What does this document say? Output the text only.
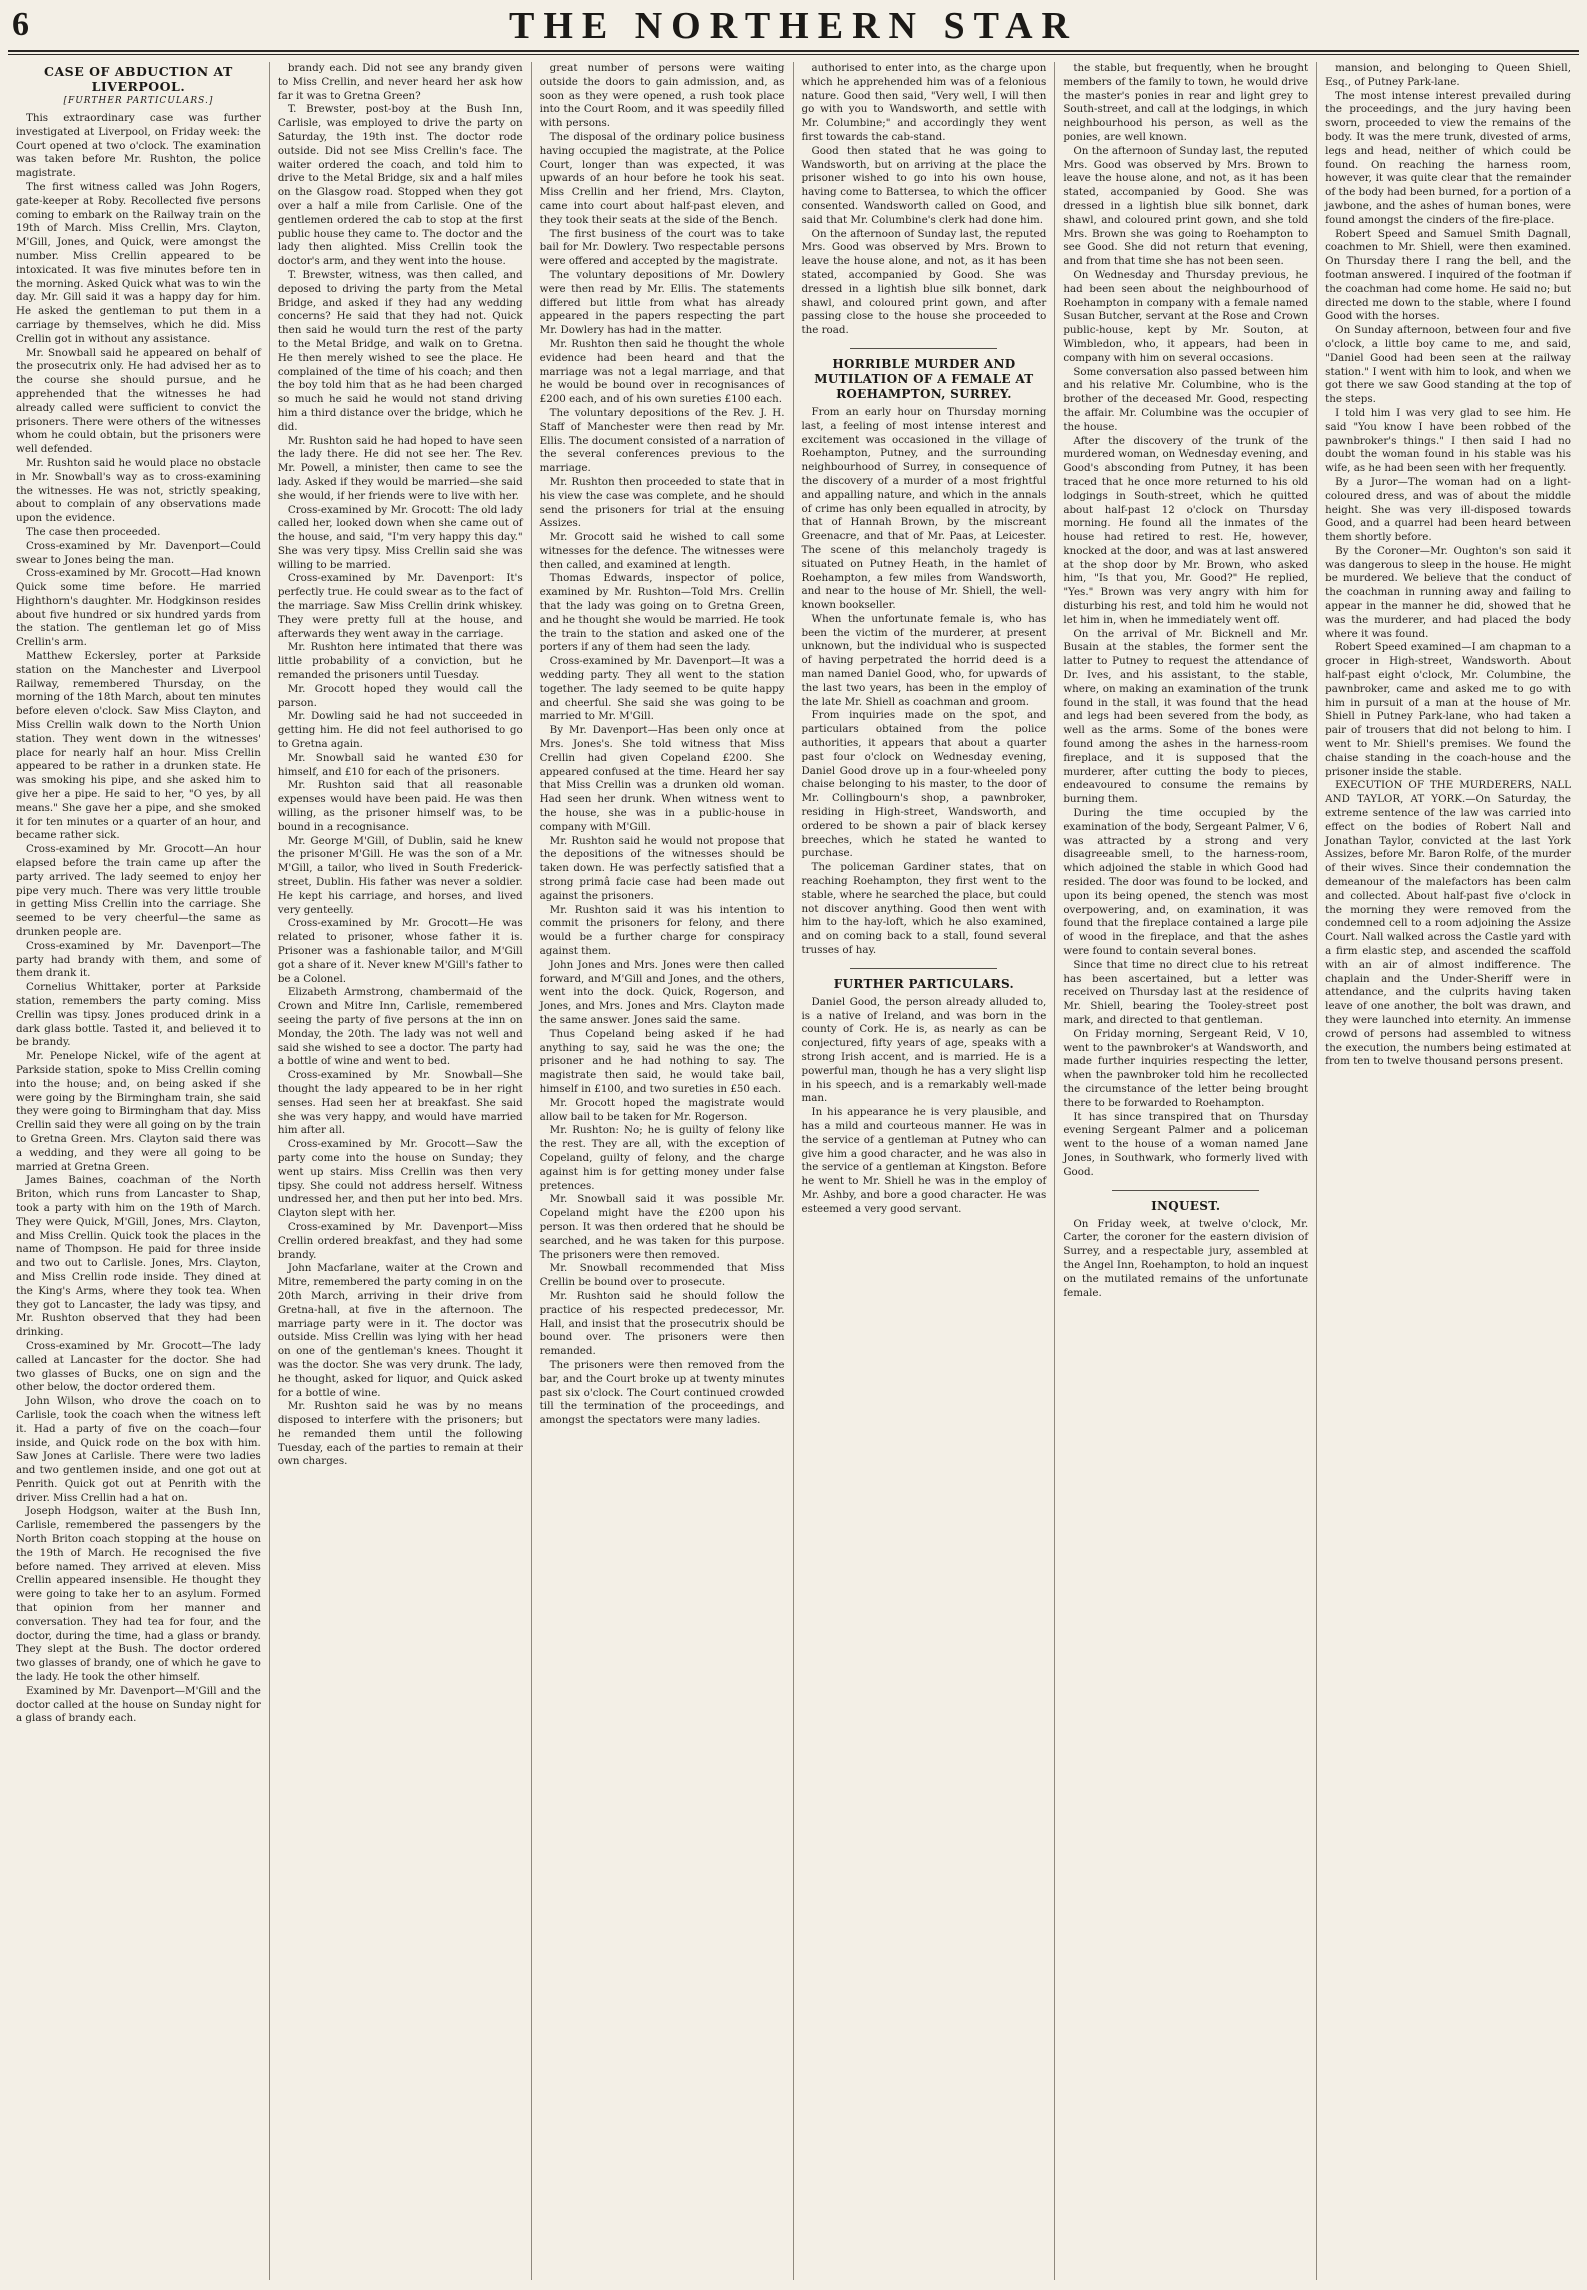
6	THE NORTHERN STAR
CASE OF ABDUCTION AT LIVERPOOL.
[FURTHER PARTICULARS.]

This extraordinary case was further investigated at Liverpool, on Friday week: the Court opened at two o'clock. The examination was taken before Mr. Rushton, the police magistrate.

The first witness called was John Rogers, gate-keeper at Roby. Recollected five persons coming to embark on the Railway train on the 19th of March. Miss Crellin, Mrs. Clayton, M'Gill, Jones, and Quick, were amongst the number. Miss Crellin appeared to be intoxicated. It was five minutes before ten in the morning. Asked Quick what was to win the day. Mr. Gill said it was a happy day for him. He asked the gentleman to put them in a carriage by themselves, which he did. Miss Crellin got in without any assistance.

Mr. Snowball said he appeared on behalf of the prosecutrix only. He had advised her as to the course she should pursue, and he apprehended that the witnesses he had already called were sufficient to convict the prisoners. There were others of the witnesses whom he could obtain, but the prisoners were well defended.

Mr. Rushton said he would place no obstacle in Mr. Snowball's way as to cross-examining the witnesses. He was not, strictly speaking, about to complain of any observations made upon the evidence.

The case then proceeded.

Cross-examined by Mr. Davenport—Could swear to Jones being the man.

Cross-examined by Mr. Grocott—Had known Quick some time before. He married Highthorn's daughter. Mr. Hodgkinson resides about five hundred or six hundred yards from the station. The gentleman let go of Miss Crellin's arm.

Matthew Eckersley, porter at Parkside station on the Manchester and Liverpool Railway, remembered Thursday, on the morning of the 18th March, about ten minutes before eleven o'clock. Saw Miss Clayton, and Miss Crellin walk down to the North Union station. They went down in the witnesses' place for nearly half an hour. Miss Crellin appeared to be rather in a drunken state. He was smoking his pipe, and she asked him to give her a pipe. He said to her, "O yes, by all means." She gave her a pipe, and she smoked it for ten minutes or a quarter of an hour, and became rather sick.

Cross-examined by Mr. Grocott—An hour elapsed before the train came up after the party arrived. The lady seemed to enjoy her pipe very much. There was very little trouble in getting Miss Crellin into the carriage. She seemed to be very cheerful—the same as drunken people are.

Cross-examined by Mr. Davenport—The party had brandy with them, and some of them drank it.

Cornelius Whittaker, porter at Parkside station, remembers the party coming. Miss Crellin was tipsy. Jones produced drink in a dark glass bottle. Tasted it, and believed it to be brandy.

Mr. Penelope Nickel, wife of the agent at Parkside station, spoke to Miss Crellin coming into the house; and, on being asked if she were going by the Birmingham train, she said they were going to Birmingham that day. Miss Crellin said they were all going on by the train to Gretna Green. Mrs. Clayton said there was a wedding, and they were all going to be married at Gretna Green.

James Baines, coachman of the North Briton, which runs from Lancaster to Shap, took a party with him on the 19th of March. They were Quick, M'Gill, Jones, Mrs. Clayton, and Miss Crellin. Quick took the places in the name of Thompson. He paid for three inside and two out to Carlisle. Jones, Mrs. Clayton, and Miss Crellin rode inside. They dined at the King's Arms, where they took tea. When they got to Lancaster, the lady was tipsy, and Mr. Rushton observed that they had been drinking.

Cross-examined by Mr. Grocott—The lady called at Lancaster for the doctor. She had two glasses of Bucks, one on sign and the other below, the doctor ordered them.

John Wilson, who drove the coach on to Carlisle, took the coach when the witness left it. Had a party of five on the coach—four inside, and Quick rode on the box with him. Saw Jones at Carlisle. There were two ladies and two gentlemen inside, and one got out at Penrith. Quick got out at Penrith with the driver. Miss Crellin had a hat on.

Joseph Hodgson, waiter at the Bush Inn, Carlisle, remembered the passengers by the North Briton coach stopping at the house on the 19th of March. He recognised the five before named. They arrived at eleven. Miss Crellin appeared insensible. He thought they were going to take her to an asylum. Formed that opinion from her manner and conversation. They had tea for four, and the doctor, during the time, had a glass or brandy. They slept at the Bush. The doctor ordered two glasses of brandy, one of which he gave to the lady. He took the other himself.

Examined by Mr. Davenport—M'Gill and the doctor called at the house on Sunday night for a glass of brandy each.

brandy each. Did not see any brandy given to Miss Crellin, and never heard her ask how far it was to Gretna Green?

T. Brewster, post-boy at the Bush Inn, Carlisle, was employed to drive the party on Saturday, the 19th inst. The doctor rode outside. Did not see Miss Crellin's face. The waiter ordered the coach, and told him to drive to the Metal Bridge, six and a half miles on the Glasgow road. Stopped when they got over a half a mile from Carlisle. One of the gentlemen ordered the cab to stop at the first public house they came to. The doctor and the lady then alighted. Miss Crellin took the doctor's arm, and they went into the house.

T. Brewster, witness, was then called, and deposed to driving the party from the Metal Bridge, and asked if they had any wedding concerns? He said that they had not. Quick then said he would turn the rest of the party to the Metal Bridge, and walk on to Gretna. He then merely wished to see the place. He complained of the time of his coach; and then the boy told him that as he had been charged so much he said he would not stand driving him a third distance over the bridge, which he did.

Mr. Rushton said he had hoped to have seen the lady there. He did not see her. The Rev. Mr. Powell, a minister, then came to see the lady. Asked if they would be married—she said she would, if her friends were to live with her.

Cross-examined by Mr. Grocott: The old lady called her, looked down when she came out of the house, and said, "I'm very happy this day." She was very tipsy. Miss Crellin said she was willing to be married.

Cross-examined by Mr. Davenport: It's perfectly true. He could swear as to the fact of the marriage. Saw Miss Crellin drink whiskey. They were pretty full at the house, and afterwards they went away in the carriage.

Mr. Rushton here intimated that there was little probability of a conviction, but he remanded the prisoners until Tuesday.

Mr. Grocott hoped they would call the parson.

Mr. Dowling said he had not succeeded in getting him. He did not feel authorised to go to Gretna again.

Mr. Snowball said he wanted £30 for himself, and £10 for each of the prisoners.

Mr. Rushton said that all reasonable expenses would have been paid. He was then willing, as the prisoner himself was, to be bound in a recognisance.

Mr. George M'Gill, of Dublin, said he knew the prisoner M'Gill. He was the son of a Mr. M'Gill, a tailor, who lived in South Frederick-street, Dublin. His father was never a soldier. He kept his carriage, and horses, and lived very genteelly.

Cross-examined by Mr. Grocott—He was related to prisoner, whose father it is. Prisoner was a fashionable tailor, and M'Gill got a share of it. Never knew M'Gill's father to be a Colonel.

Elizabeth Armstrong, chambermaid of the Crown and Mitre Inn, Carlisle, remembered seeing the party of five persons at the inn on Monday, the 20th. The lady was not well and said she wished to see a doctor. The party had a bottle of wine and went to bed.

Cross-examined by Mr. Snowball—She thought the lady appeared to be in her right senses. Had seen her at breakfast. She said she was very happy, and would have married him after all.

Cross-examined by Mr. Grocott—Saw the party come into the house on Sunday; they went up stairs. Miss Crellin was then very tipsy. She could not address herself. Witness undressed her, and then put her into bed. Mrs. Clayton slept with her.

Cross-examined by Mr. Davenport—Miss Crellin ordered breakfast, and they had some brandy.

John Macfarlane, waiter at the Crown and Mitre, remembered the party coming in on the 20th March, arriving in their drive from Gretna-hall, at five in the afternoon. The marriage party were in it. The doctor was outside. Miss Crellin was lying with her head on one of the gentleman's knees. Thought it was the doctor. She was very drunk. The lady, he thought, asked for liquor, and Quick asked for a bottle of wine.

Mr. Rushton said he was by no means disposed to interfere with the prisoners; but he remanded them until the following Tuesday, each of the parties to remain at their own charges.

great number of persons were waiting outside the doors to gain admission, and, as soon as they were opened, a rush took place into the Court Room, and it was speedily filled with persons.

The disposal of the ordinary police business having occupied the magistrate, at the Police Court, longer than was expected, it was upwards of an hour before he took his seat. Miss Crellin and her friend, Mrs. Clayton, came into court about half-past eleven, and they took their seats at the side of the Bench.

The first business of the court was to take bail for Mr. Dowlery. Two respectable persons were offered and accepted by the magistrate.

The voluntary depositions of Mr. Dowlery were then read by Mr. Ellis. The statements differed but little from what has already appeared in the papers respecting the part Mr. Dowlery has had in the matter.

Mr. Rushton then said he thought the whole evidence had been heard and that the marriage was not a legal marriage, and that he would be bound over in recognisances of £200 each, and of his own sureties £100 each.

The voluntary depositions of the Rev. J. H. Staff of Manchester were then read by Mr. Ellis. The document consisted of a narration of the several conferences previous to the marriage.

Mr. Rushton then proceeded to state that in his view the case was complete, and he should send the prisoners for trial at the ensuing Assizes.

Mr. Grocott said he wished to call some witnesses for the defence. The witnesses were then called, and examined at length.

Thomas Edwards, inspector of police, examined by Mr. Rushton—Told Mrs. Crellin that the lady was going on to Gretna Green, and he thought she would be married. He took the train to the station and asked one of the porters if any of them had seen the lady.

Cross-examined by Mr. Davenport—It was a wedding party. They all went to the station together. The lady seemed to be quite happy and cheerful. She said she was going to be married to Mr. M'Gill.

By Mr. Davenport—Has been only once at Mrs. Jones's. She told witness that Miss Crellin had given Copeland £200. She appeared confused at the time. Heard her say that Miss Crellin was a drunken old woman. Had seen her drunk. When witness went to the house, she was in a public-house in company with M'Gill.

Mr. Rushton said he would not propose that the depositions of the witnesses should be taken down. He was perfectly satisfied that a strong primâ facie case had been made out against the prisoners.

Mr. Rushton said it was his intention to commit the prisoners for felony, and there would be a further charge for conspiracy against them.

John Jones and Mrs. Jones were then called forward, and M'Gill and Jones, and the others, went into the dock. Quick, Rogerson, and Jones, and Mrs. Jones and Mrs. Clayton made the same answer. Jones said the same.

Thus Copeland being asked if he had anything to say, said he was the one; the prisoner and he had nothing to say. The magistrate then said, he would take bail, himself in £100, and two sureties in £50 each.

Mr. Grocott hoped the magistrate would allow bail to be taken for Mr. Rogerson.

Mr. Rushton: No; he is guilty of felony like the rest. They are all, with the exception of Copeland, guilty of felony, and the charge against him is for getting money under false pretences.

Mr. Snowball said it was possible Mr. Copeland might have the £200 upon his person. It was then ordered that he should be searched, and he was taken for this purpose. The prisoners were then removed.

Mr. Snowball recommended that Miss Crellin be bound over to prosecute.

Mr. Rushton said he should follow the practice of his respected predecessor, Mr. Hall, and insist that the prosecutrix should be bound over. The prisoners were then remanded.

The prisoners were then removed from the bar, and the Court broke up at twenty minutes past six o'clock. The Court continued crowded till the termination of the proceedings, and amongst the spectators were many ladies.

authorised to enter into, as the charge upon which he apprehended him was of a felonious nature. Good then said, "Very well, I will then go with you to Wandsworth, and settle with Mr. Columbine;" and accordingly they went first towards the cab-stand.

Good then stated that he was going to Wandsworth, but on arriving at the place the prisoner wished to go into his own house, having come to Battersea, to which the officer consented. Wandsworth called on Good, and said that Mr. Columbine's clerk had done him.

On the afternoon of Sunday last, the reputed Mrs. Good was observed by Mrs. Brown to leave the house alone, and not, as it has been stated, accompanied by Good. She was dressed in a lightish blue silk bonnet, dark shawl, and coloured print gown, and after passing close to the house she proceeded to the road.

HORRIBLE MURDER AND MUTILATION OF A FEMALE AT ROEHAMPTON, SURREY.

From an early hour on Thursday morning last, a feeling of most intense interest and excitement was occasioned in the village of Roehampton, Putney, and the surrounding neighbourhood of Surrey, in consequence of the discovery of a murder of a most frightful and appalling nature, and which in the annals of crime has only been equalled in atrocity, by that of Hannah Brown, by the miscreant Greenacre, and that of Mr. Paas, at Leicester. The scene of this melancholy tragedy is situated on Putney Heath, in the hamlet of Roehampton, a few miles from Wandsworth, and near to the house of Mr. Shiell, the well-known bookseller.

When the unfortunate female is, who has been the victim of the murderer, at present unknown, but the individual who is suspected of having perpetrated the horrid deed is a man named Daniel Good, who, for upwards of the last two years, has been in the employ of the late Mr. Shiell as coachman and groom.

From inquiries made on the spot, and particulars obtained from the police authorities, it appears that about a quarter past four o'clock on Wednesday evening, Daniel Good drove up in a four-wheeled pony chaise belonging to his master, to the door of Mr. Collingbourn's shop, a pawnbroker, residing in High-street, Wandsworth, and ordered to be shown a pair of black kersey breeches, which he stated he wanted to purchase.

The policeman Gardiner states, that on reaching Roehampton, they first went to the stable, where he searched the place, but could not discover anything. Good then went with him to the hay-loft, which he also examined, and on coming back to a stall, found several trusses of hay.

FURTHER PARTICULARS.

Daniel Good, the person already alluded to, is a native of Ireland, and was born in the county of Cork. He is, as nearly as can be conjectured, fifty years of age, speaks with a strong Irish accent, and is married. He is a powerful man, though he has a very slight lisp in his speech, and is a remarkably well-made man.

In his appearance he is very plausible, and has a mild and courteous manner. He was in the service of a gentleman at Putney who can give him a good character, and he was also in the service of a gentleman at Kingston. Before he went to Mr. Shiell he was in the employ of Mr. Ashby, and bore a good character. He was esteemed a very good servant.

the stable, but frequently, when he brought members of the family to town, he would drive the master's ponies in rear and light grey to South-street, and call at the lodgings, in which neighbourhood his person, as well as the ponies, are well known.

On the afternoon of Sunday last, the reputed Mrs. Good was observed by Mrs. Brown to leave the house alone, and not, as it has been stated, accompanied by Good. She was dressed in a lightish blue silk bonnet, dark shawl, and coloured print gown, and she told Mrs. Brown she was going to Roehampton to see Good. She did not return that evening, and from that time she has not been seen.

On Wednesday and Thursday previous, he had been seen about the neighbourhood of Roehampton in company with a female named Susan Butcher, servant at the Rose and Crown public-house, kept by Mr. Souton, at Wimbledon, who, it appears, had been in company with him on several occasions.

Some conversation also passed between him and his relative Mr. Columbine, who is the brother of the deceased Mr. Good, respecting the affair. Mr. Columbine was the occupier of the house.

After the discovery of the trunk of the murdered woman, on Wednesday evening, and Good's absconding from Putney, it has been traced that he once more returned to his old lodgings in South-street, which he quitted about half-past 12 o'clock on Thursday morning. He found all the inmates of the house had retired to rest. He, however, knocked at the door, and was at last answered at the shop door by Mr. Brown, who asked him, "Is that you, Mr. Good?" He replied, "Yes." Brown was very angry with him for disturbing his rest, and told him he would not let him in, when he immediately went off.

On the arrival of Mr. Bicknell and Mr. Busain at the stables, the former sent the latter to Putney to request the attendance of Dr. Ives, and his assistant, to the stable, where, on making an examination of the trunk found in the stall, it was found that the head and legs had been severed from the body, as well as the arms. Some of the bones were found among the ashes in the harness-room fireplace, and it is supposed that the murderer, after cutting the body to pieces, endeavoured to consume the remains by burning them.

During the time occupied by the examination of the body, Sergeant Palmer, V 6, was attracted by a strong and very disagreeable smell, to the harness-room, which adjoined the stable in which Good had resided. The door was found to be locked, and upon its being opened, the stench was most overpowering, and, on examination, it was found that the fireplace contained a large pile of wood in the fireplace, and that the ashes were found to contain several bones.

Since that time no direct clue to his retreat has been ascertained, but a letter was received on Thursday last at the residence of Mr. Shiell, bearing the Tooley-street post mark, and directed to that gentleman.

On Friday morning, Sergeant Reid, V 10, went to the pawnbroker's at Wandsworth, and made further inquiries respecting the letter, when the pawnbroker told him he recollected the circumstance of the letter being brought there to be forwarded to Roehampton.

It has since transpired that on Thursday evening Sergeant Palmer and a policeman went to the house of a woman named Jane Jones, in Southwark, who formerly lived with Good.

INQUEST.

On Friday week, at twelve o'clock, Mr. Carter, the coroner for the eastern division of Surrey, and a respectable jury, assembled at the Angel Inn, Roehampton, to hold an inquest on the mutilated remains of the unfortunate female.

mansion, and belonging to Queen Shiell, Esq., of Putney Park-lane.

The most intense interest prevailed during the proceedings, and the jury having been sworn, proceeded to view the remains of the body. It was the mere trunk, divested of arms, legs and head, neither of which could be found. On reaching the harness room, however, it was quite clear that the remainder of the body had been burned, for a portion of a jawbone, and the ashes of human bones, were found amongst the cinders of the fire-place.

Robert Speed and Samuel Smith Dagnall, coachmen to Mr. Shiell, were then examined. On Thursday there I rang the bell, and the footman answered. I inquired of the footman if the coachman had come home. He said no; but directed me down to the stable, where I found Good with the horses.

On Sunday afternoon, between four and five o'clock, a little boy came to me, and said, "Daniel Good had been seen at the railway station." I went with him to look, and when we got there we saw Good standing at the top of the steps.

I told him I was very glad to see him. He said "You know I have been robbed of the pawnbroker's things." I then said I had no doubt the woman found in his stable was his wife, as he had been seen with her frequently.

By a Juror—The woman had on a light-coloured dress, and was of about the middle height. She was very ill-disposed towards Good, and a quarrel had been heard between them shortly before.

By the Coroner—Mr. Oughton's son said it was dangerous to sleep in the house. He might be murdered. We believe that the conduct of the coachman in running away and failing to appear in the manner he did, showed that he was the murderer, and had placed the body where it was found.

Robert Speed examined—I am chapman to a grocer in High-street, Wandsworth. About half-past eight o'clock, Mr. Columbine, the pawnbroker, came and asked me to go with him in pursuit of a man at the house of Mr. Shiell in Putney Park-lane, who had taken a pair of trousers that did not belong to him. I went to Mr. Shiell's premises. We found the chaise standing in the coach-house and the prisoner inside the stable.

EXECUTION OF THE MURDERERS, NALL AND TAYLOR, AT YORK.—On Saturday, the extreme sentence of the law was carried into effect on the bodies of Robert Nall and Jonathan Taylor, convicted at the last York Assizes, before Mr. Baron Rolfe, of the murder of their wives. Since their condemnation the demeanour of the malefactors has been calm and collected. About half-past five o'clock in the morning they were removed from the condemned cell to a room adjoining the Assize Court. Nall walked across the Castle yard with a firm elastic step, and ascended the scaffold with an air of almost indifference. The chaplain and the Under-Sheriff were in attendance, and the culprits having taken leave of one another, the bolt was drawn, and they were launched into eternity. An immense crowd of persons had assembled to witness the execution, the numbers being estimated at from ten to twelve thousand persons present.
